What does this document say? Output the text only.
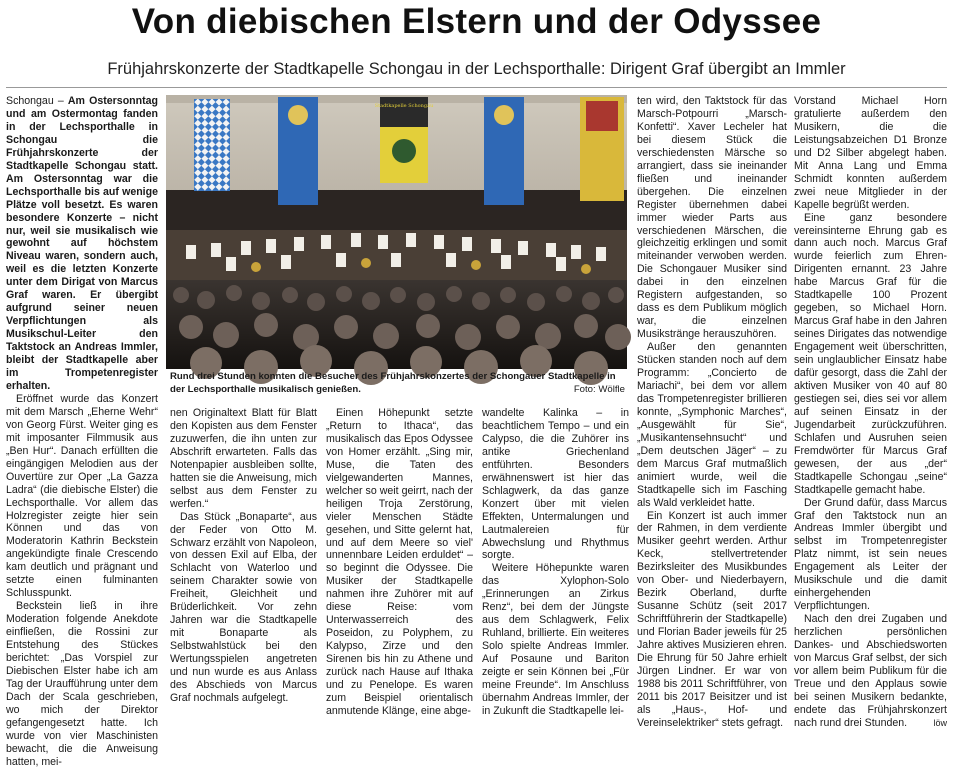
Von diebischen Elstern und der Odyssee
Frühjahrskonzerte der Stadtkapelle Schongau in der Lechsporthalle: Dirigent Graf übergibt an Immler

Schongau – Am Ostersonntag und am Ostermontag fanden in der Lechsporthalle in Schongau die Frühjahrskonzerte der Stadtkapelle Schongau statt. Am Ostersonntag war die Lechsporthalle bis auf wenige Plätze voll besetzt. Es waren besondere Konzerte – nicht nur, weil sie musikalisch wie gewohnt auf höchstem Niveau waren, sondern auch, weil es die letzten Konzerte unter dem Dirigat von Marcus Graf waren. Er übergibt aufgrund seiner neuen Verpflichtungen als Musikschul-Leiter den Taktstock an Andreas Immler, bleibt der Stadtkapelle aber im Trompetenregister erhalten.

Eröffnet wurde das Konzert mit dem Marsch „Eherne Wehr“ von Georg Fürst. Weiter ging es mit imposanter Filmmusik aus „Ben Hur“. Danach erfüllten die eingängigen Melodien aus der Ouvertüre zur Oper „La Gazza Ladra“ (die diebische Elster) die Lechsporthalle. Vor allem das Holzregister zeigte hier sein Können und das von Moderatorin Kathrin Beckstein angekündigte finale Crescendo kam deutlich und prägnant und setzte einen fulminanten Schlusspunkt.

Beckstein ließ in ihre Moderation folgende Anekdote einfließen, die Rossini zur Entstehung des Stückes berichtet: „Das Vorspiel zur Diebischen Elster habe ich am Tag der Uraufführung unter dem Dach der Scala geschrieben, wo mich der Direktor gefangengesetzt hatte. Ich wurde von vier Maschinisten bewacht, die die Anweisung hatten, mei-

Stadtkapelle Schongau
Rund drei Stunden konnten die Besucher des Frühjahrskonzertes der Schongauer Stadtkapelle in der Lechsporthalle musikalisch genießen.	Foto: Wölfle

nen Originaltext Blatt für Blatt den Kopisten aus dem Fenster zuzuwerfen, die ihn unten zur Abschrift erwarteten. Falls das Notenpapier ausbleiben sollte, hatten sie die Anweisung, mich selbst aus dem Fenster zu werfen.“

Das Stück „Bonaparte“, aus der Feder von Otto M. Schwarz erzählt von Napoleon, von dessen Exil auf Elba, der Schlacht von Waterloo und seinem Charakter sowie von Freiheit, Gleichheit und Brüderlichkeit. Vor zehn Jahren war die Stadtkapelle mit Bonaparte als Selbstwahlstück bei den Wertungsspielen angetreten und nun wurde es aus Anlass des Abschieds von Marcus Graf nochmals aufgelegt.

Einen Höhepunkt setzte „Return to Ithaca“, das musikalisch das Epos Odyssee von Homer erzählt. „Sing mir, Muse, die Taten des vielgewanderten Mannes, welcher so weit geirrt, nach der heiligen Troja Zerstörung, vieler Menschen Städte gesehen, und Sitte gelernt hat, und auf dem Meere so viel' unnennbare Leiden erduldet“ – so beginnt die Odyssee. Die Musiker der Stadtkapelle nahmen ihre Zuhörer mit auf diese Reise: vom Unterwasserreich des Poseidon, zu Polyphem, zu Kalypso, Zirze und den Sirenen bis hin zu Athene und zurück nach Hause auf Ithaka und zu Penelope. Es waren zum Beispiel orientalisch anmutende Klänge, eine abge-

wandelte Kalinka – in beachtlichem Tempo – und ein Calypso, die die Zuhörer ins antike Griechenland entführten. Besonders erwähnenswert ist hier das Schlagwerk, da das ganze Konzert über mit vielen Effekten, Untermalungen und Lautmalereien für Abwechslung und Rhythmus sorgte.

Weitere Höhepunkte waren das Xylophon-Solo „Erinnerungen an Zirkus Renz“, bei dem der Jüngste aus dem Schlagwerk, Felix Ruhland, brillierte. Ein weiteres Solo spielte Andreas Immler. Auf Posaune und Bariton zeigte er sein Können bei „Für meine Freunde“. Im Anschluss übernahm Andreas Immler, der in Zukunft die Stadtkapelle lei-

ten wird, den Taktstock für das Marsch-Potpourri „Marsch-Konfetti“. Xaver Lecheler hat bei diesem Stück die verschiedensten Märsche so arrangiert, dass sie ineinander fließen und ineinander übergehen. Die einzelnen Register übernehmen dabei immer wieder Parts aus verschiedenen Märschen, die gleichzeitig erklingen und somit miteinander verwoben werden. Die Schongauer Musiker sind dabei in den einzelnen Registern aufgestanden, so dass es dem Publikum möglich war, die einzelnen Musikstränge herauszuhören.

Außer den genannten Stücken standen noch auf dem Programm: „Concierto de Mariachi“, bei dem vor allem das Trompetenregister brillieren konnte, „Symphonic Marches“, „Ausgewählt für Sie“, „Musikantensehnsucht“ und „Dem deutschen Jäger“ – zu dem Marcus Graf mutmaßlich animiert wurde, weil die Stadtkapelle sich im Fasching als Wald verkleidet hatte.

Ein Konzert ist auch immer der Rahmen, in dem verdiente Musiker geehrt werden. Arthur Keck, stellvertretender Bezirksleiter des Musikbundes von Ober- und Niederbayern, Bezirk Oberland, durfte Susanne Schütz (seit 2017 Schriftführerin der Stadtkapelle) und Florian Bader jeweils für 25 Jahre aktives Musizieren ehren. Die Ehrung für 50 Jahre erhielt Jürgen Lindner. Er war von 1988 bis 2011 Schriftführer, von 2011 bis 2017 Beisitzer und ist als „Haus-, Hof- und Vereinselektriker“ stets gefragt.

Vorstand Michael Horn gratulierte außerdem den Musikern, die die Leistungsabzeichen D1 Bronze und D2 Silber abgelegt haben. Mit Anna Lang und Emma Schmidt konnten außerdem zwei neue Mitglieder in der Kapelle begrüßt werden.

Eine ganz besondere vereinsinterne Ehrung gab es dann auch noch. Marcus Graf wurde feierlich zum Ehren-Dirigenten ernannt. 23 Jahre habe Marcus Graf für die Stadtkapelle 100 Prozent gegeben, so Michael Horn. Marcus Graf habe in den Jahren seines Dirigates das notwendige Engagement weit überschritten, sein unglaublicher Einsatz habe dafür gesorgt, dass die Zahl der aktiven Musiker von 40 auf 80 gestiegen sei, dies sei vor allem auf seinen Einsatz in der Jugendarbeit zurückzuführen. Schlafen und Ausruhen seien Fremdwörter für Marcus Graf gewesen, der aus „der“ Stadtkapelle Schongau „seine“ Stadtkapelle gemacht habe.

Der Grund dafür, dass Marcus Graf den Taktstock nun an Andreas Immler übergibt und selbst im Trompetenregister Platz nimmt, ist sein neues Engagement als Leiter der Musikschule und die damit einhergehenden Verpflichtungen.

Nach den drei Zugaben und herzlichen persönlichen Dankes- und Abschiedsworten von Marcus Graf selbst, der sich vor allem beim Publikum für die Treue und den Applaus sowie bei seinen Musikern bedankte, endete das Frühjahrskonzert nach rund drei Stunden.	löw
